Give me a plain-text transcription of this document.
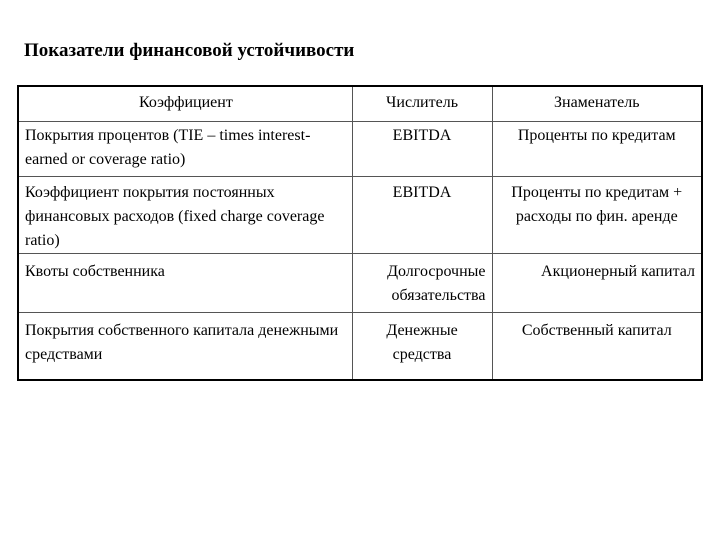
Показатели финансовой устойчивости
Коэффициент	Числитель	Знаменатель
Покрытия процентов (TIE – times interest-earned or coverage ratio)	EBITDA	Проценты по кредитам
Коэффициент покрытия постоянных финансовых расходов (fixed charge coverage ratio)	EBITDA	Проценты по кредитам + расходы по фин. аренде
Квоты собственника	Долгосрочные обязательства	Акционерный капитал
Покрытия собственного капитала денежными средствами	Денежные средства	Собственный капитал
